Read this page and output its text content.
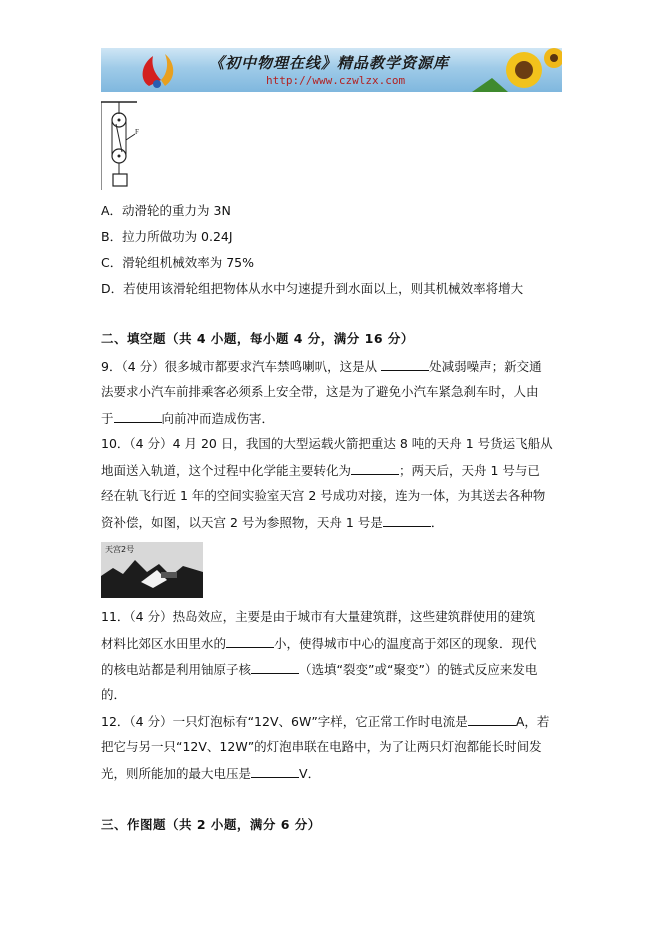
《初中物理在线》精品教学资源库
http://www.czwlzx.com
F
A．动滑轮的重力为 3N
B．拉力所做功为 0.24J
C．滑轮组机械效率为 75%
D．若使用该滑轮组把物体从水中匀速提升到水面以上，则其机械效率将增大
二、填空题（共 4 小题，每小题 4 分，满分 16 分）
9．（4 分）很多城市都要求汽车禁鸣喇叭，这是从	处减弱噪声；新交通
法要求小汽车前排乘客必须系上安全带，这是为了避免小汽车紧急刹车时，人由
于	向前冲而造成伤害．
10．（4 分）4 月 20 日，我国的大型运载火箭把重达 8 吨的天舟 1 号货运飞船从
地面送入轨道，这个过程中化学能主要转化为	；两天后，天舟 1 号与已
经在轨飞行近 1 年的空间实验室天宫 2 号成功对接，连为一体，为其送去各种物
资补偿，如图，以天宫 2 号为参照物，天舟 1 号是	．
天宫2号
11．（4 分）热岛效应，主要是由于城市有大量建筑群，这些建筑群使用的建筑
材料比郊区水田里水的	小，使得城市中心的温度高于郊区的现象．现代
的核电站都是利用铀原子核	（选填“裂变”或“聚变”）的链式反应来发电
的．
12．（4 分）一只灯泡标有“12V、6W”字样，它正常工作时电流是	A，若
把它与另一只“12V、12W”的灯泡串联在电路中，为了让两只灯泡都能长时间发
光，则所能加的最大电压是	V．
三、作图题（共 2 小题，满分 6 分）
